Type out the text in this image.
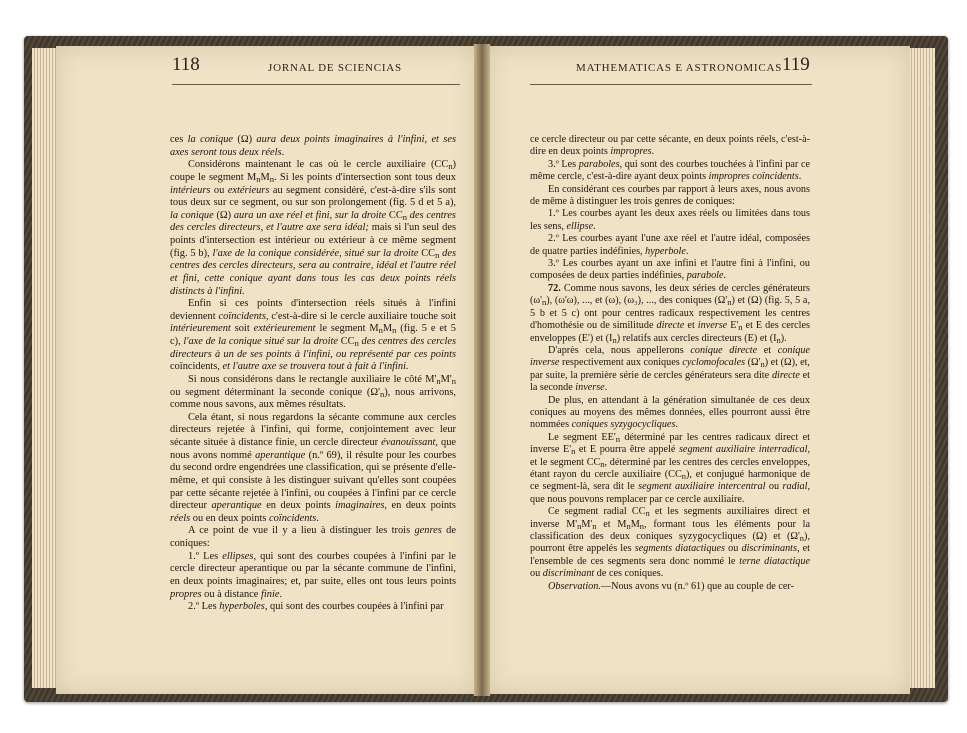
118	JORNAL DE SCIENCIAS	MATHEMATICAS E ASTRONOMICAS 119

ces la conique (Ω) aura deux points imaginaires à l'infini, et ses axes seront tous deux réels.

Considérons maintenant le cas où le cercle auxiliaire $(CC_n)$ coupe le segment $M_nM_n$. Si les points d'intersection sont tous deux intérieurs ou extérieurs au segment considéré, c'est-à-dire s'ils sont tous deux sur ce segment, ou sur son prolongement (fig. 5 d et 5 a), la conique (Ω) aura un axe réel et fini, sur la droite $CC_n$ des centres des cercles directeurs, et l'autre axe sera idéal; mais si l'un seul des points d'intersection est intérieur ou extérieur à ce même segment (fig. 5 b), l'axe de la conique considérée, situé sur la droite $CC_n$ des centres des cercles directeurs, sera au contraire, idéal et l'autre réel et fini, cette conique ayant dans tous les cas deux points réels distincts à l'infini.

Enfin si ces points d'intersection réels situés à l'infini deviennent coïncidents, c'est-à-dire si le cercle auxiliaire touche soit intérieurement soit extérieurement le segment $M_nM_n$ (fig. 5 e et 5 c), l'axe de la conique situé sur la droite $CC_n$ des centres des cercles directeurs à un de ses points à l'infini, ou représenté par ces points coïncidents, et l'autre axe se trouvera tout à fait à l'infini.

Si nous considérons dans le rectangle auxiliaire le côté $M'_nM'_n$ ou segment déterminant la seconde conique $(\Omega'_n)$, nous arrivons, comme nous savons, aux mêmes résultats.

Cela étant, si nous regardons la sécante commune aux cercles directeurs rejetée à l'infini, qui forme, conjointement avec leur sécante située à distance finie, un cercle directeur évanouissant, que nous avons nommé aperantique (n.º 69), il résulte pour les courbes du second ordre engendrées une classification, qui se présente d'elle-même, et qui consiste à les distinguer suivant qu'elles sont coupées par cette sécante rejetée à l'infini, ou coupées à l'infini par ce cercle directeur aperantique en deux points imaginaires, en deux points réels ou en deux points coïncidents.

A ce point de vue il y a lieu à distinguer les trois genres de coniques:

1.º Les ellipses, qui sont des courbes coupées à l'infini par le cercle directeur aperantique ou par la sécante commune de l'infini, en deux points imaginaires; et, par suite, elles ont tous leurs points propres ou à distance finie.

2.º Les hyperboles, qui sont des courbes coupées à l'infini par

ce cercle directeur ou par cette sécante, en deux points réels, c'est-à-dire en deux points impropres.

3.º Les paraboles, qui sont des courbes touchées à l'infini par ce même cercle, c'est-à-dire ayant deux points impropres coïncidents.

En considérant ces courbes par rapport à leurs axes, nous avons de même à distinguer les trois genres de coniques:

1.º Les courbes ayant les deux axes réels ou limitées dans tous les sens, ellipse.

2.º Les courbes ayant l'une axe réel et l'autre idéal, composées de quatre parties indéfinies, hyperbole.

3.º Les courbes ayant un axe infini et l'autre fini à l'infini, ou composées de deux parties indéfinies, parabole.

72. Comme nous savons, les deux séries de cercles générateurs $(\omega'_n)$, (ω'ω), ..., et (ω), (ω₃), ..., des coniques $(\Omega'_n)$ et (Ω) (fig. 5, 5 a, 5 b et 5 c) ont pour centres radicaux respectivement les centres d'homothésie ou de similitude directe et inverse $E'_n$ et E des cercles enveloppes (E') et $(I_n)$ relatifs aux cercles directeurs (E) et $(I_n)$.

D'après cela, nous appellerons conique directe et conique inverse respectivement aux coniques cyclomofocales $(\Omega'_n)$ et (Ω), et, par suite, la première série de cercles générateurs sera dite directe et la seconde inverse.

De plus, en attendant à la génération simultanée de ces deux coniques au moyens des mêmes données, elles pourront aussi être nommées coniques syzygocycliques.

Le segment $EE'_n$ déterminé par les centres radicaux direct et inverse $E'_n$ et E pourra être appelé segment auxiliaire interradical, et le segment $CC_n$, déterminé par les centres des cercles enveloppes, étant rayon du cercle auxiliaire $(CC_n)$, et conjugué harmonique de ce segment-là, sera dit le segment auxiliaire intercentral ou radial, que nous pouvons remplacer par ce cercle auxiliaire.

Ce segment radial $CC_n$ et les segments auxiliaires direct et inverse $M'_nM'_n$ et $M_nM_n$, formant tous les éléments pour la classification des deux coniques syzygocycliques (Ω) et $(\Omega'_n)$, pourront être appelés les segments diatactiques ou discriminants, et l'ensemble de ces segments sera donc nommé le terne diatactique ou discriminant de ces coniques.

Observation.—Nous avons vu (n.º 61) que au couple de cer-
